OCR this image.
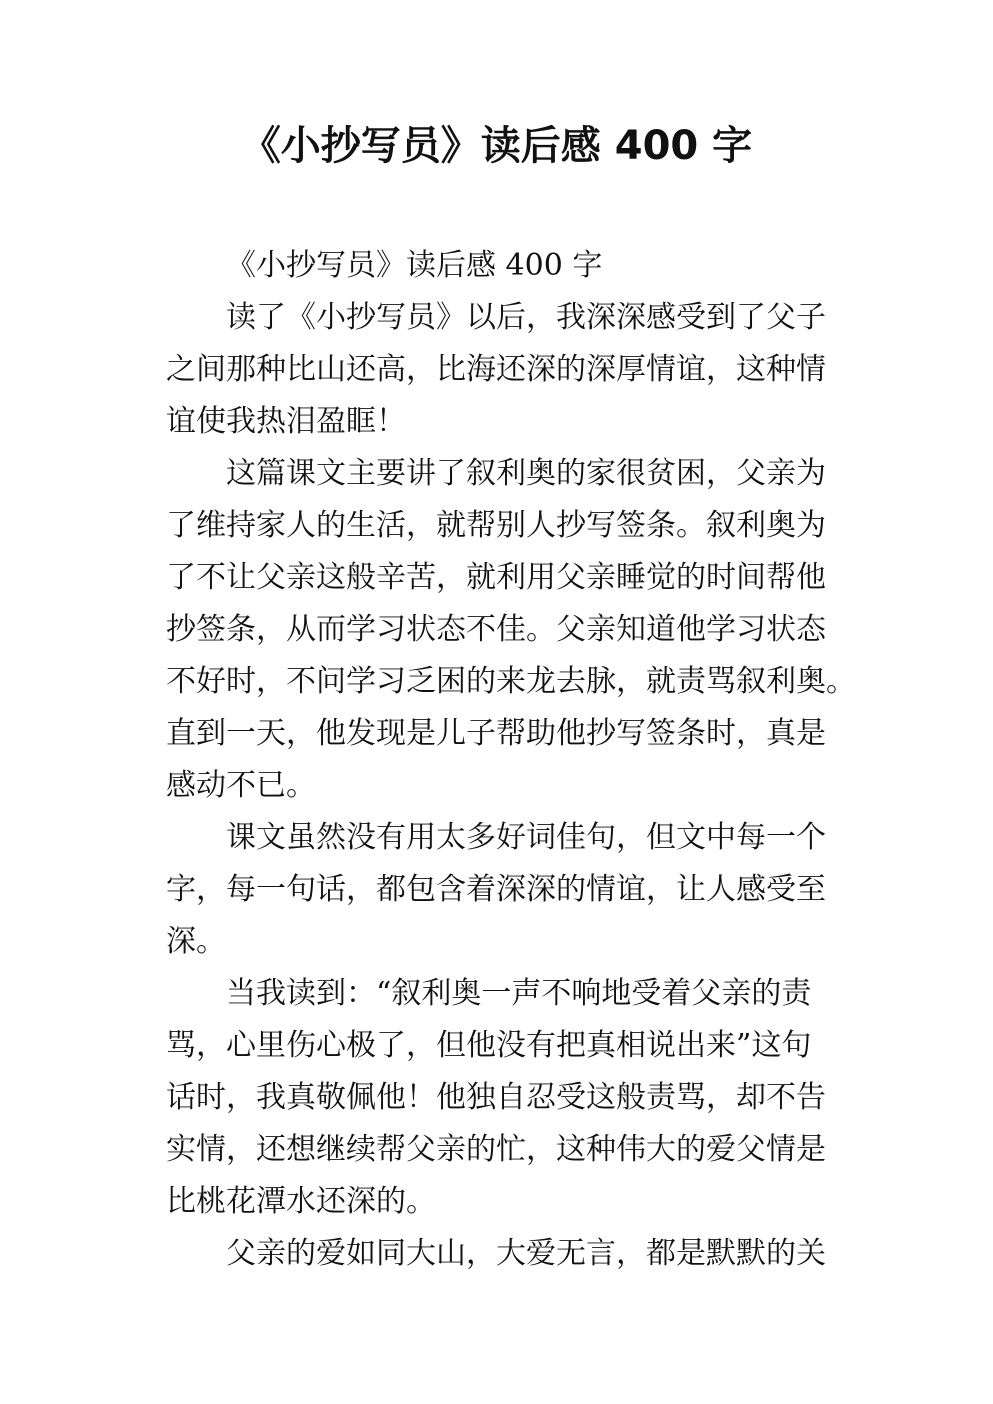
《小抄写员》读后感 400 字
《小抄写员》读后感 400 字
读了《小抄写员》以后，我深深感受到了父子
之间那种比山还高，比海还深的深厚情谊，这种情
谊使我热泪盈眶！
这篇课文主要讲了叙利奥的家很贫困，父亲为
了维持家人的生活，就帮别人抄写签条。叙利奥为
了不让父亲这般辛苦，就利用父亲睡觉的时间帮他
抄签条，从而学习状态不佳。父亲知道他学习状态
不好时，不问学习乏困的来龙去脉，就责骂叙利奥。
直到一天，他发现是儿子帮助他抄写签条时，真是
感动不已。
课文虽然没有用太多好词佳句，但文中每一个
字，每一句话，都包含着深深的情谊，让人感受至
深。
当我读到：“叙利奥一声不响地受着父亲的责
骂，心里伤心极了，但他没有把真相说出来”这句
话时，我真敬佩他！他独自忍受这般责骂，却不告
实情，还想继续帮父亲的忙，这种伟大的爱父情是
比桃花潭水还深的。
父亲的爱如同大山，大爱无言，都是默默的关
